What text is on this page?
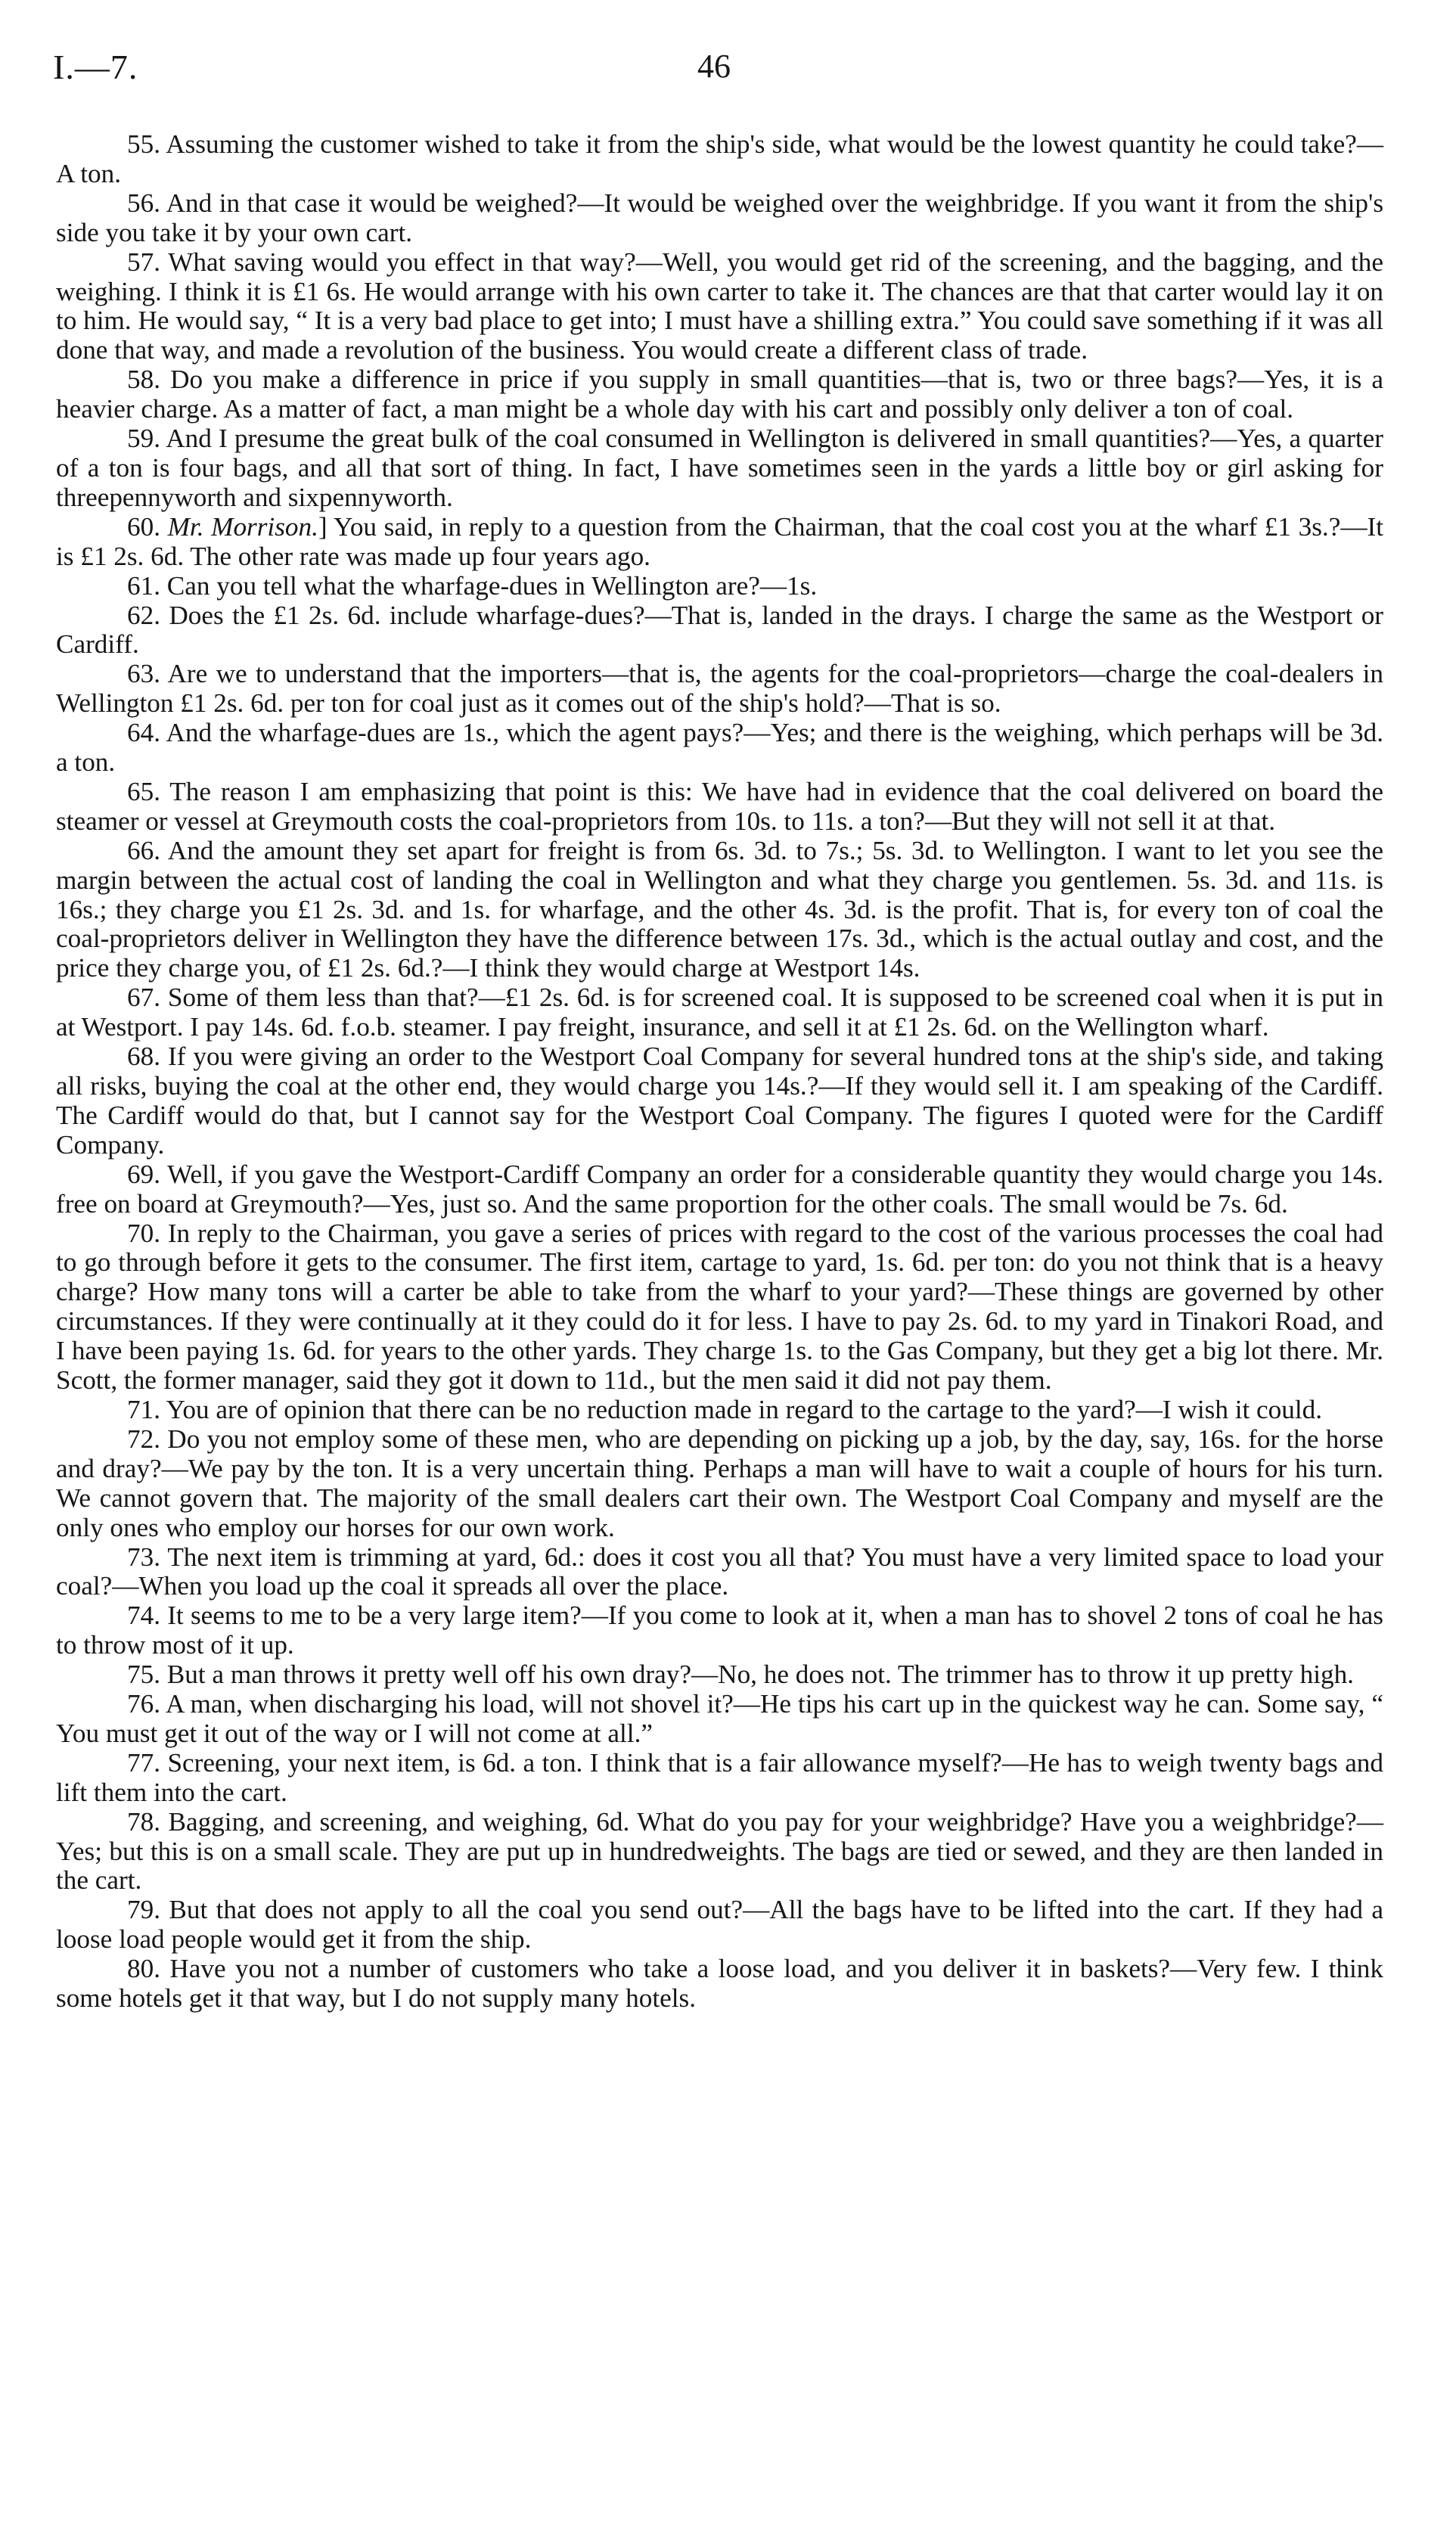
I.—7.	46

55. Assuming the customer wished to take it from the ship's side, what would be the lowest quantity he could take?—A ton.

56. And in that case it would be weighed?—It would be weighed over the weighbridge. If you want it from the ship's side you take it by your own cart.

57. What saving would you effect in that way?—Well, you would get rid of the screening, and the bagging, and the weighing. I think it is £1 6s. He would arrange with his own carter to take it. The chances are that that carter would lay it on to him. He would say, “ It is a very bad place to get into; I must have a shilling extra.” You could save something if it was all done that way, and made a revolution of the business. You would create a different class of trade.

58. Do you make a difference in price if you supply in small quantities—that is, two or three bags?—Yes, it is a heavier charge. As a matter of fact, a man might be a whole day with his cart and possibly only deliver a ton of coal.

59. And I presume the great bulk of the coal consumed in Wellington is delivered in small quantities?—Yes, a quarter of a ton is four bags, and all that sort of thing. In fact, I have sometimes seen in the yards a little boy or girl asking for threepennyworth and sixpennyworth.

60. Mr. Morrison.] You said, in reply to a question from the Chairman, that the coal cost you at the wharf £1 3s.?—It is £1 2s. 6d. The other rate was made up four years ago.

61. Can you tell what the wharfage-dues in Wellington are?—1s.

62. Does the £1 2s. 6d. include wharfage-dues?—That is, landed in the drays. I charge the same as the Westport or Cardiff.

63. Are we to understand that the importers—that is, the agents for the coal-proprietors—charge the coal-dealers in Wellington £1 2s. 6d. per ton for coal just as it comes out of the ship's hold?—That is so.

64. And the wharfage-dues are 1s., which the agent pays?—Yes; and there is the weighing, which perhaps will be 3d. a ton.

65. The reason I am emphasizing that point is this: We have had in evidence that the coal delivered on board the steamer or vessel at Greymouth costs the coal-proprietors from 10s. to 11s. a ton?—But they will not sell it at that.

66. And the amount they set apart for freight is from 6s. 3d. to 7s.; 5s. 3d. to Wellington. I want to let you see the margin between the actual cost of landing the coal in Wellington and what they charge you gentlemen. 5s. 3d. and 11s. is 16s.; they charge you £1 2s. 3d. and 1s. for wharfage, and the other 4s. 3d. is the profit. That is, for every ton of coal the coal-proprietors deliver in Wellington they have the difference between 17s. 3d., which is the actual outlay and cost, and the price they charge you, of £1 2s. 6d.?—I think they would charge at Westport 14s.

67. Some of them less than that?—£1 2s. 6d. is for screened coal. It is supposed to be screened coal when it is put in at Westport. I pay 14s. 6d. f.o.b. steamer. I pay freight, insurance, and sell it at £1 2s. 6d. on the Wellington wharf.

68. If you were giving an order to the Westport Coal Company for several hundred tons at the ship's side, and taking all risks, buying the coal at the other end, they would charge you 14s.?—If they would sell it. I am speaking of the Cardiff. The Cardiff would do that, but I cannot say for the Westport Coal Company. The figures I quoted were for the Cardiff Company.

69. Well, if you gave the Westport-Cardiff Company an order for a considerable quantity they would charge you 14s. free on board at Greymouth?—Yes, just so. And the same proportion for the other coals. The small would be 7s. 6d.

70. In reply to the Chairman, you gave a series of prices with regard to the cost of the various processes the coal had to go through before it gets to the consumer. The first item, cartage to yard, 1s. 6d. per ton: do you not think that is a heavy charge? How many tons will a carter be able to take from the wharf to your yard?—These things are governed by other circumstances. If they were continually at it they could do it for less. I have to pay 2s. 6d. to my yard in Tinakori Road, and I have been paying 1s. 6d. for years to the other yards. They charge 1s. to the Gas Company, but they get a big lot there. Mr. Scott, the former manager, said they got it down to 11d., but the men said it did not pay them.

71. You are of opinion that there can be no reduction made in regard to the cartage to the yard?—I wish it could.

72. Do you not employ some of these men, who are depending on picking up a job, by the day, say, 16s. for the horse and dray?—We pay by the ton. It is a very uncertain thing. Perhaps a man will have to wait a couple of hours for his turn. We cannot govern that. The majority of the small dealers cart their own. The Westport Coal Company and myself are the only ones who employ our horses for our own work.

73. The next item is trimming at yard, 6d.: does it cost you all that? You must have a very limited space to load your coal?—When you load up the coal it spreads all over the place.

74. It seems to me to be a very large item?—If you come to look at it, when a man has to shovel 2 tons of coal he has to throw most of it up.

75. But a man throws it pretty well off his own dray?—No, he does not. The trimmer has to throw it up pretty high.

76. A man, when discharging his load, will not shovel it?—He tips his cart up in the quickest way he can. Some say, “ You must get it out of the way or I will not come at all.”

77. Screening, your next item, is 6d. a ton. I think that is a fair allowance myself?—He has to weigh twenty bags and lift them into the cart.

78. Bagging, and screening, and weighing, 6d. What do you pay for your weighbridge? Have you a weighbridge?—Yes; but this is on a small scale. They are put up in hundredweights. The bags are tied or sewed, and they are then landed in the cart.

79. But that does not apply to all the coal you send out?—All the bags have to be lifted into the cart. If they had a loose load people would get it from the ship.

80. Have you not a number of customers who take a loose load, and you deliver it in baskets?—Very few. I think some hotels get it that way, but I do not supply many hotels.
